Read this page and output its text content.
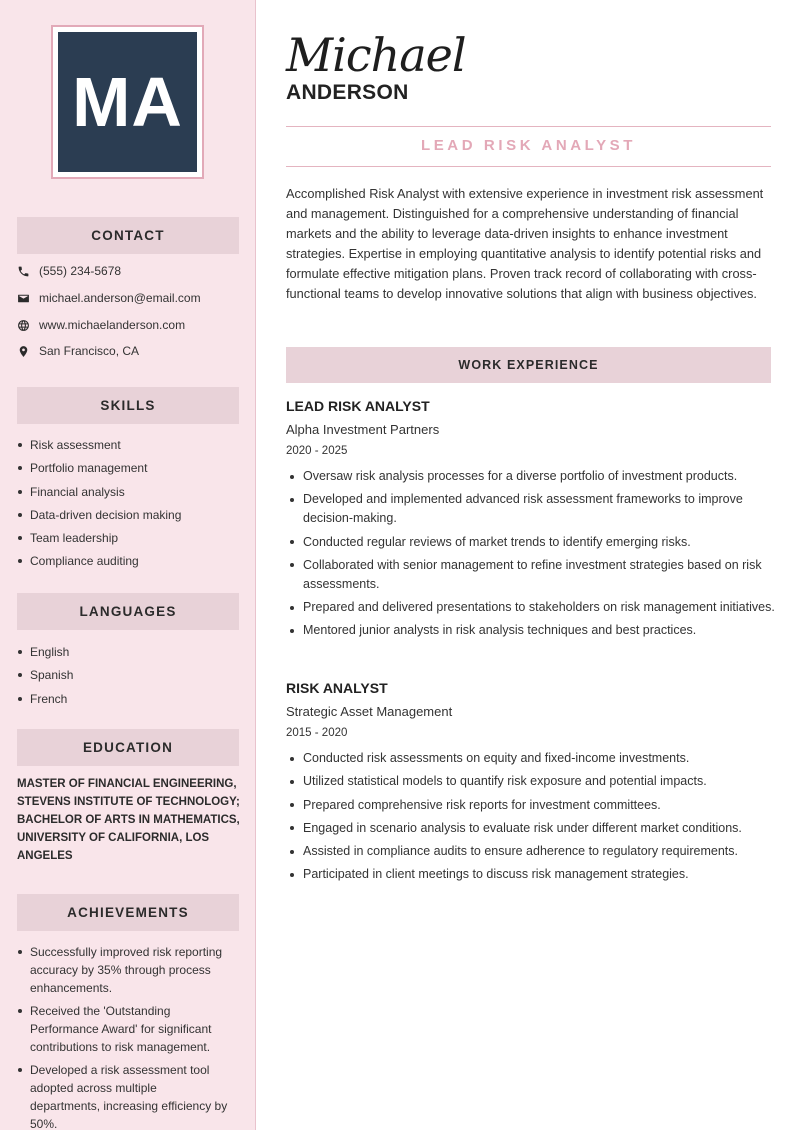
MA
CONTACT
(555) 234-5678
michael.anderson@email.com
www.michaelanderson.com
San Francisco, CA
SKILLS
Risk assessment
Portfolio management
Financial analysis
Data-driven decision making
Team leadership
Compliance auditing
LANGUAGES
English
Spanish
French
EDUCATION
MASTER OF FINANCIAL ENGINEERING, STEVENS INSTITUTE OF TECHNOLOGY; BACHELOR OF ARTS IN MATHEMATICS, UNIVERSITY OF CALIFORNIA, LOS ANGELES
ACHIEVEMENTS
Successfully improved risk reporting accuracy by 35% through process enhancements.
Received the 'Outstanding Performance Award' for significant contributions to risk management.
Developed a risk assessment tool adopted across multiple departments, increasing efficiency by 50%.
Michael
ANDERSON
LEAD RISK ANALYST
Accomplished Risk Analyst with extensive experience in investment risk assessment and management. Distinguished for a comprehensive understanding of financial markets and the ability to leverage data-driven insights to enhance investment strategies. Expertise in employing quantitative analysis to identify potential risks and formulate effective mitigation plans. Proven track record of collaborating with cross-functional teams to develop innovative solutions that align with business objectives.
WORK EXPERIENCE
LEAD RISK ANALYST
Alpha Investment Partners
2020 - 2025
Oversaw risk analysis processes for a diverse portfolio of investment products.
Developed and implemented advanced risk assessment frameworks to improve decision-making.
Conducted regular reviews of market trends to identify emerging risks.
Collaborated with senior management to refine investment strategies based on risk assessments.
Prepared and delivered presentations to stakeholders on risk management initiatives.
Mentored junior analysts in risk analysis techniques and best practices.
RISK ANALYST
Strategic Asset Management
2015 - 2020
Conducted risk assessments on equity and fixed-income investments.
Utilized statistical models to quantify risk exposure and potential impacts.
Prepared comprehensive risk reports for investment committees.
Engaged in scenario analysis to evaluate risk under different market conditions.
Assisted in compliance audits to ensure adherence to regulatory requirements.
Participated in client meetings to discuss risk management strategies.
